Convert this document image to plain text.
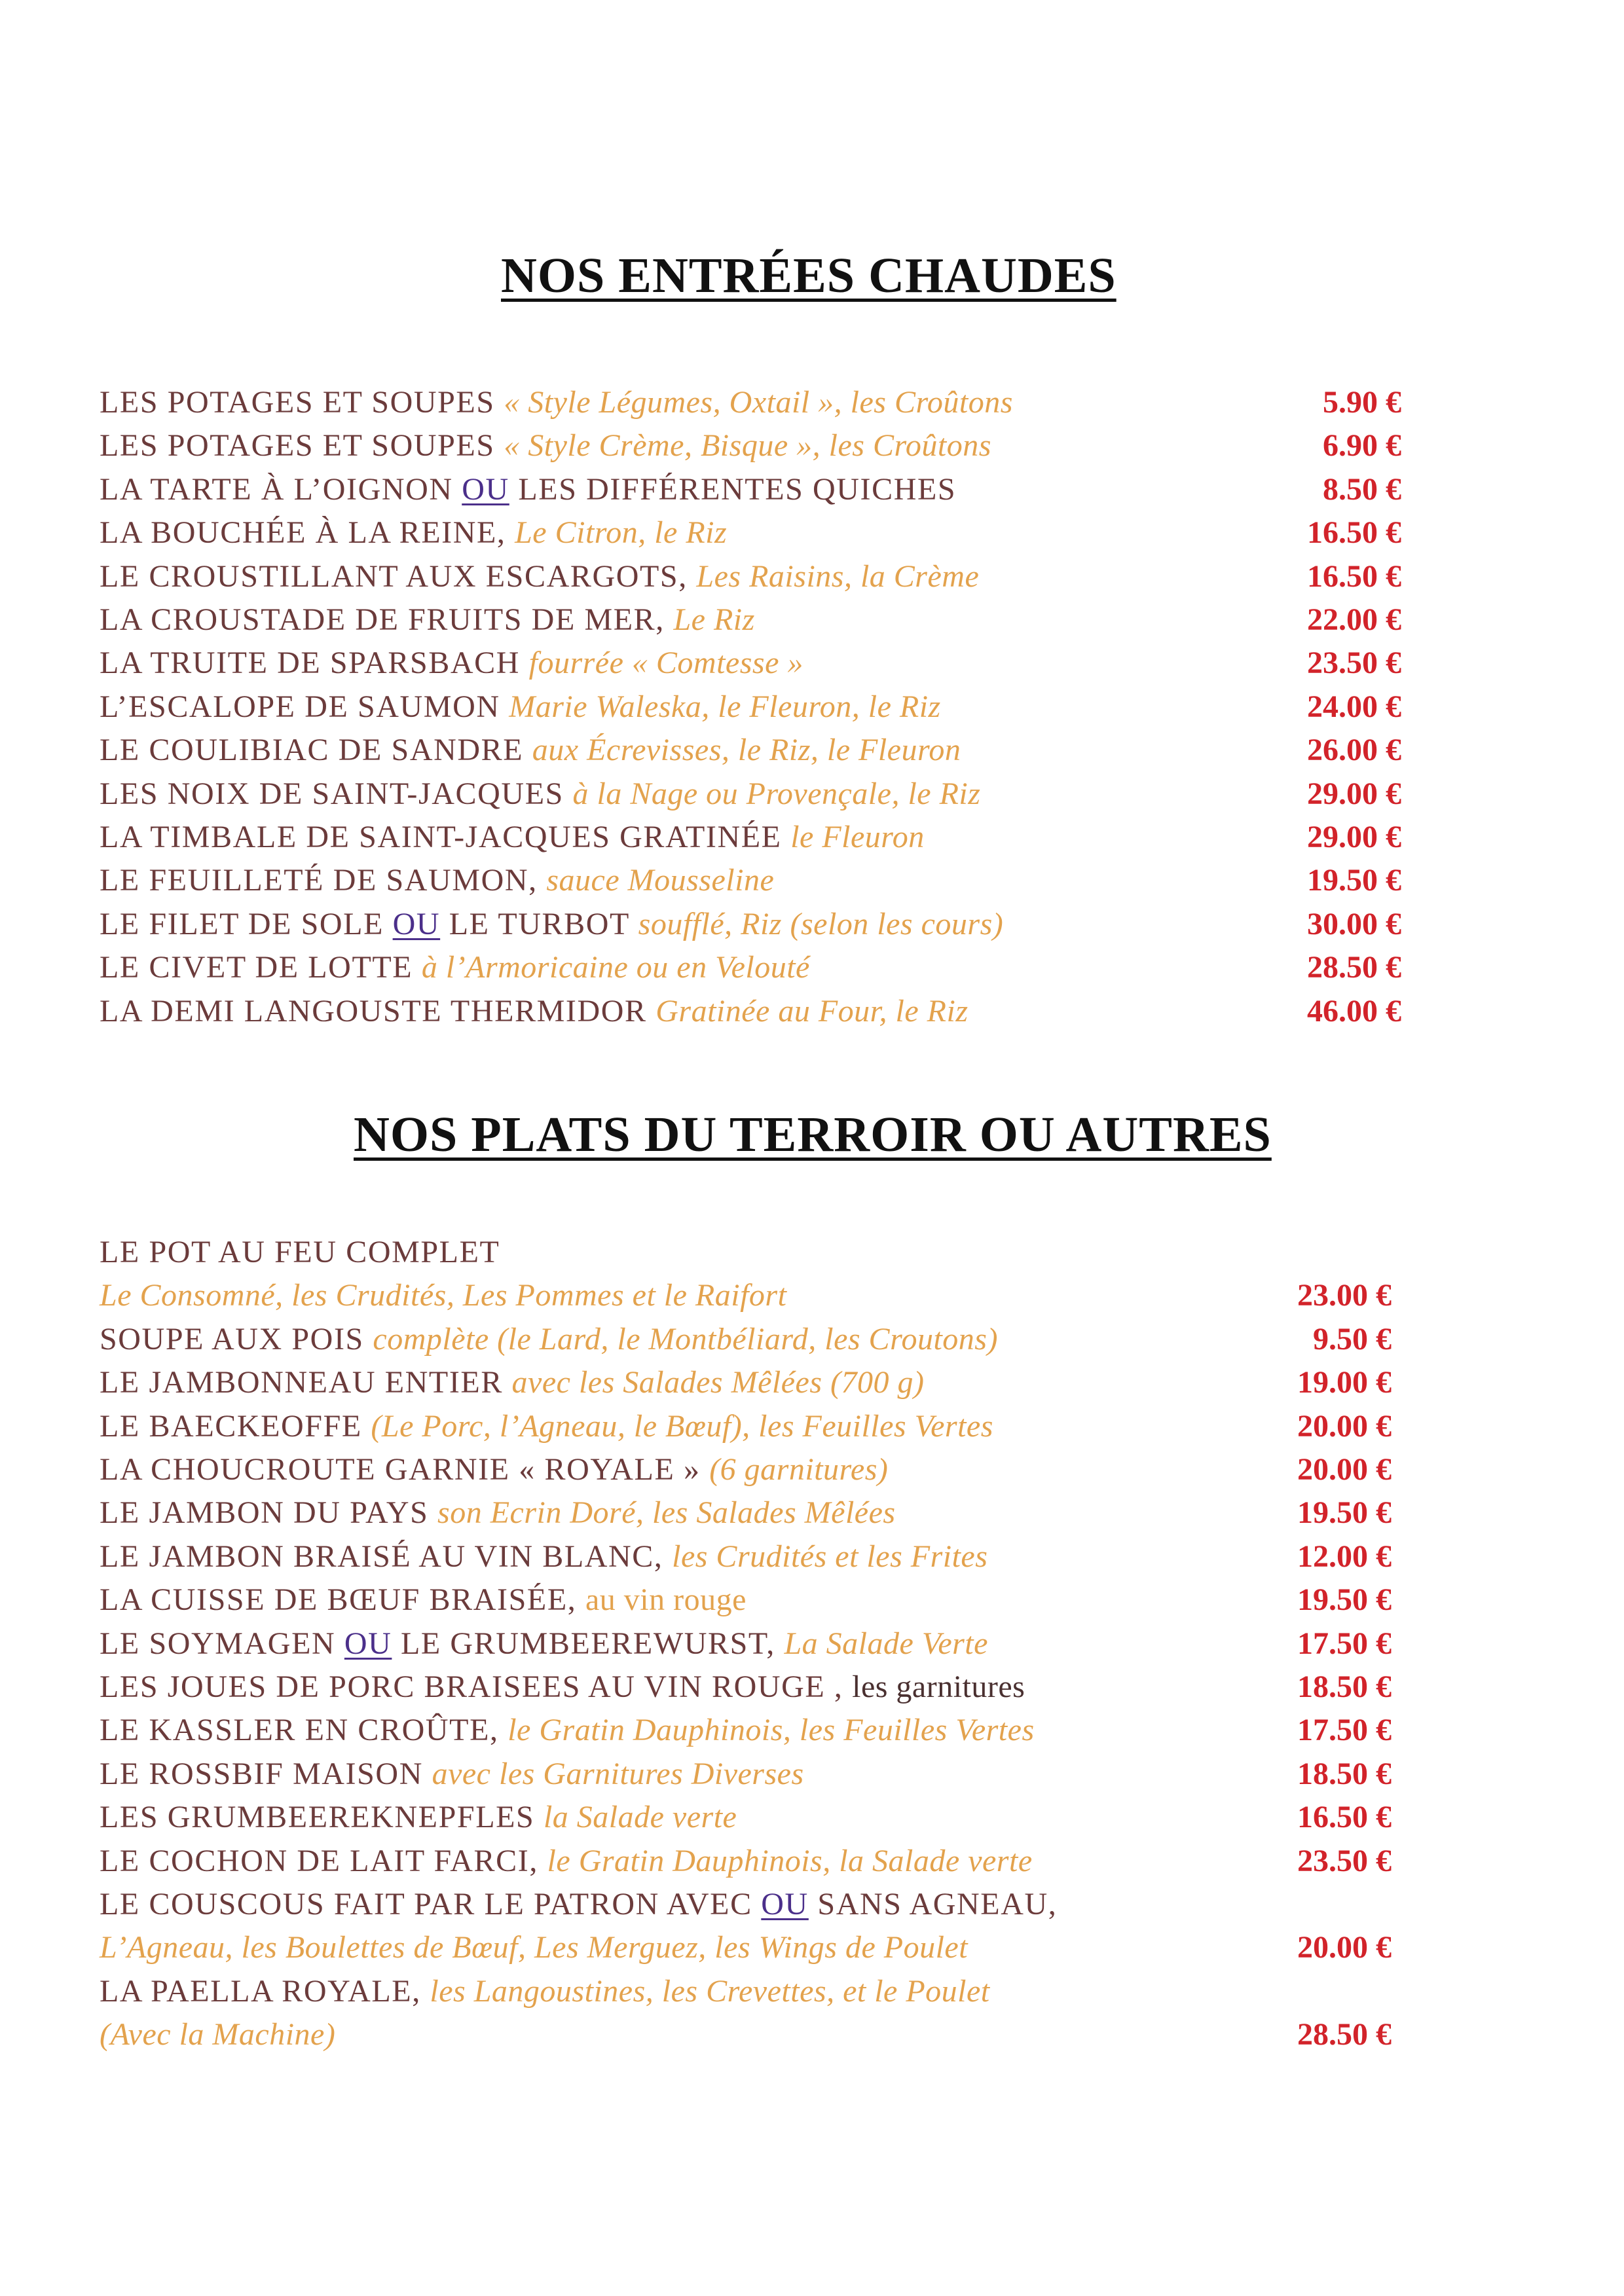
NOS ENTRÉES CHAUDES
LES POTAGES ET SOUPES « Style Légumes, Oxtail », les Croûtons	5.90 €
LES POTAGES ET SOUPES « Style Crème, Bisque », les Croûtons	6.90 €
LA TARTE À L’OIGNON OU LES DIFFÉRENTES QUICHES	8.50 €
LA BOUCHÉE À LA REINE, Le Citron, le Riz	16.50 €
LE CROUSTILLANT AUX ESCARGOTS, Les Raisins, la Crème	16.50 €
LA CROUSTADE DE FRUITS DE MER, Le Riz	22.00 €
LA TRUITE DE SPARSBACH fourrée « Comtesse »	23.50 €
L’ESCALOPE DE SAUMON Marie Waleska, le Fleuron, le Riz	24.00 €
LE COULIBIAC DE SANDRE aux Écrevisses, le Riz, le Fleuron	26.00 €
LES NOIX DE SAINT-JACQUES à la Nage ou Provençale, le Riz	29.00 €
LA TIMBALE DE SAINT-JACQUES GRATINÉE le Fleuron	29.00 €
LE FEUILLETÉ DE SAUMON, sauce Mousseline	19.50 €
LE FILET DE SOLE OU LE TURBOT soufflé, Riz (selon les cours)	30.00 €
LE CIVET DE LOTTE à l’Armoricaine ou en Velouté	28.50 €
LA DEMI LANGOUSTE THERMIDOR Gratinée au Four, le Riz	46.00 €
NOS PLATS DU TERROIR OU AUTRES
LE POT AU FEU COMPLET
Le Consomné, les Crudités, Les Pommes et le Raifort	23.00 €
SOUPE AUX POIS complète (le Lard, le Montbéliard, les Croutons)	9.50 €
LE JAMBONNEAU ENTIER avec les Salades Mêlées (700 g)	19.00 €
LE BAECKEOFFE (Le Porc, l’Agneau, le Bœuf), les Feuilles Vertes	20.00 €
LA CHOUCROUTE GARNIE « ROYALE » (6 garnitures)	20.00 €
LE JAMBON DU PAYS son Ecrin Doré, les Salades Mêlées	19.50 €
LE JAMBON BRAISÉ AU VIN BLANC, les Crudités et les Frites	12.00 €
LA CUISSE DE BŒUF BRAISÉE, au vin rouge	19.50 €
LE SOYMAGEN OU LE GRUMBEEREWURST, La Salade Verte	17.50 €
LES JOUES DE PORC BRAISEES AU VIN ROUGE , les garnitures	18.50 €
LE KASSLER EN CROÛTE, le Gratin Dauphinois, les Feuilles Vertes	17.50 €
LE ROSSBIF MAISON avec les Garnitures Diverses	18.50 €
LES GRUMBEEREKNEPFLES la Salade verte	16.50 €
LE COCHON DE LAIT FARCI, le Gratin Dauphinois, la Salade verte	23.50 €
LE COUSCOUS FAIT PAR LE PATRON AVEC OU SANS AGNEAU,
L’Agneau, les Boulettes de Bœuf, Les Merguez, les Wings de Poulet	20.00 €
LA PAELLA ROYALE, les Langoustines, les Crevettes, et le Poulet
(Avec la Machine)	28.50 €
